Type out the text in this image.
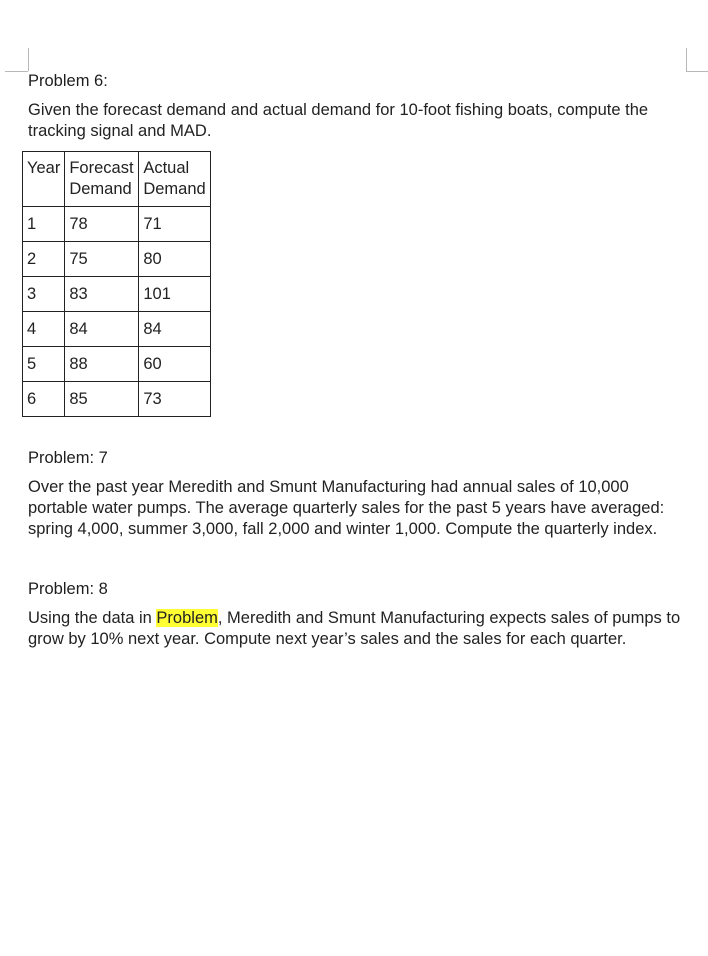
Problem 6:

Given the forecast demand and actual demand for 10-foot fishing boats, compute the tracking signal and MAD.

Year	Forecast Demand	Actual Demand
1	78	71
2	75	80
3	83	101
4	84	84
5	88	60
6	85	73

Problem: 7

Over the past year Meredith and Smunt Manufacturing had annual sales of 10,000 portable water pumps. The average quarterly sales for the past 5 years have averaged: spring 4,000, summer 3,000, fall 2,000 and winter 1,000. Compute the quarterly index.

Problem: 8

Using the data in Problem, Meredith and Smunt Manufacturing expects sales of pumps to grow by 10% next year. Compute next year’s sales and the sales for each quarter.
